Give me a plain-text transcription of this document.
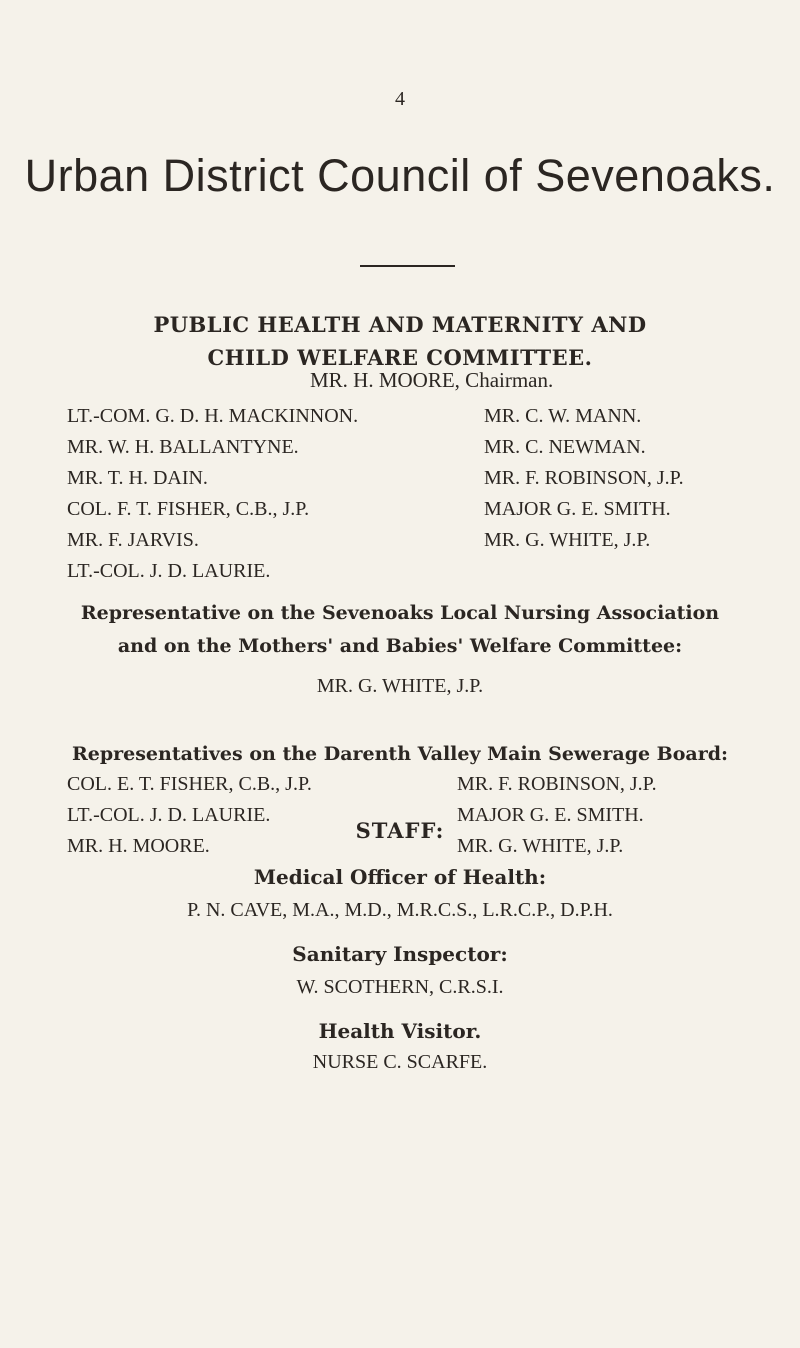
4
Urban District Council of Sevenoaks.
PUBLIC HEALTH AND MATERNITY AND
CHILD WELFARE COMMITTEE.
MR. H. MOORE, Chairman.
LT.-COM. G. D. H. MACKINNON.
MR. W. H. BALLANTYNE.
MR. T. H. DAIN.
COL. F. T. FISHER, C.B., J.P.
MR. F. JARVIS.
LT.-COL. J. D. LAURIE.
MR. C. W. MANN.
MR. C. NEWMAN.
MR. F. ROBINSON, J.P.
MAJOR G. E. SMITH.
MR. G. WHITE, J.P.
Representative on the Sevenoaks Local Nursing Association
and on the Mothers' and Babies' Welfare Committee:
MR. G. WHITE, J.P.
Representatives on the Darenth Valley Main Sewerage Board:
COL. E. T. FISHER, C.B., J.P.
LT.-COL. J. D. LAURIE.
MR. H. MOORE.
MR. F. ROBINSON, J.P.
MAJOR G. E. SMITH.
MR. G. WHITE, J.P.
STAFF:
Medical Officer of Health:
P. N. CAVE, M.A., M.D., M.R.C.S., L.R.C.P., D.P.H.
Sanitary Inspector:
W. SCOTHERN, C.R.S.I.
Health Visitor.
NURSE C. SCARFE.
